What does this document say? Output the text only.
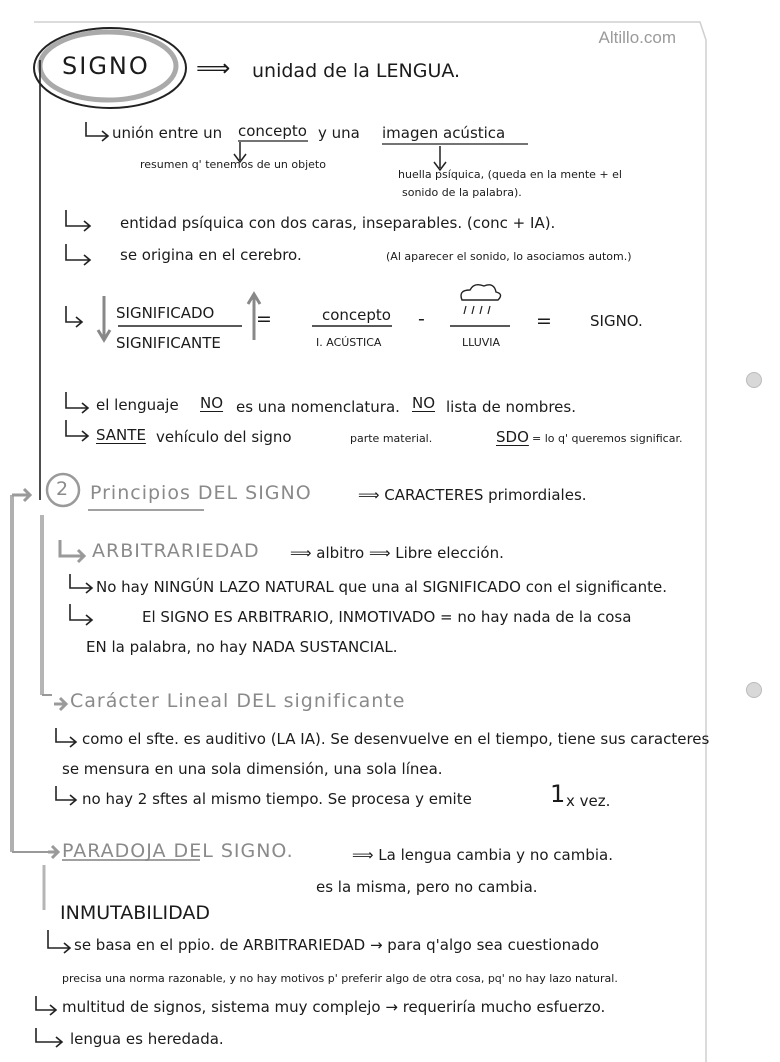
Altillo.com
SIGNO ⟹ unidad de la LENGUA.
unión entre un concepto y una imagen acústica
resumen q' tenemos de un objeto
huella psíquica, (queda en la mente + el
sonido de la palabra).
entidad psíquica con dos caras, inseparables. (conc + IA).
se origina en el cerebro.	(Al aparecer el sonido, lo asociamos autom.)
SIGNIFICADO
SIGNIFICANTE
=	concepto
I. ACÚSTICA
-
LLUVIA
=	SIGNO.
el lenguaje NO es una nomenclatura. NO lista de nombres.
SANTE vehículo del signo	parte material.	SDO = lo q' queremos significar.
2 Principios DEL SIGNO	⟹ CARACTERES primordiales.
ARBITRARIEDAD ⟹ albitro ⟹ Libre elección.
No hay NINGÚN LAZO NATURAL que una al SIGNIFICADO con el significante.
El SIGNO ES ARBITRARIO, INMOTIVADO = no hay nada de la cosa
EN la palabra, no hay NADA SUSTANCIAL.
Carácter Lineal DEL significante
como el sfte. es auditivo (LA IA). Se desenvuelve en el tiempo, tiene sus caracteres
se mensura en una sola dimensión, una sola línea.
no hay 2 sftes al mismo tiempo. Se procesa y emite	1 x vez.
PARADOJA DEL SIGNO.	⟹ La lengua cambia y no cambia.
es la misma, pero no cambia.
INMUTABILIDAD
se basa en el ppio. de ARBITRARIEDAD → para q'algo sea cuestionado
precisa una norma razonable, y no hay motivos p' preferir algo de otra cosa, pq' no hay lazo natural.
multitud de signos, sistema muy complejo → requeriría mucho esfuerzo.
lengua es heredada.
